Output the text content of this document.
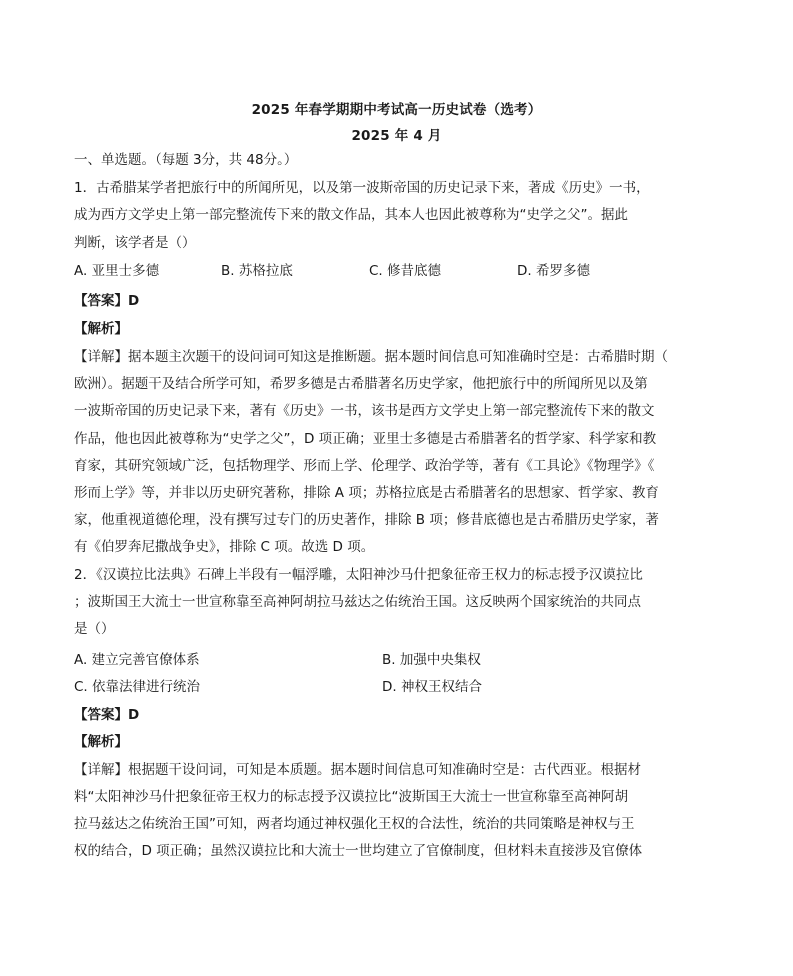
2025 年春学期期中考试高一历史试卷（选考）
2025 年 4 月
一、单选题。（每题 3分，共 48分。）
1．古希腊某学者把旅行中的所闻所见，以及第一波斯帝国的历史记录下来，著成《历史》一书，
成为西方文学史上第一部完整流传下来的散文作品，其本人也因此被尊称为“史学之父”。据此
判断，该学者是（）
A. 亚里士多德	B. 苏格拉底	C. 修昔底德	D. 希罗多德
【答案】D
【解析】
【详解】据本题主次题干的设问词可知这是推断题。据本题时间信息可知准确时空是：古希腊时期（
欧洲）。据题干及结合所学可知，希罗多德是古希腊著名历史学家，他把旅行中的所闻所见以及第
一波斯帝国的历史记录下来，著有《历史》一书，该书是西方文学史上第一部完整流传下来的散文
作品，他也因此被尊称为“史学之父”，D 项正确；亚里士多德是古希腊著名的哲学家、科学家和教
育家，其研究领域广泛，包括物理学、形而上学、伦理学、政治学等，著有《工具论》《物理学》《
形而上学》等，并非以历史研究著称，排除 A 项；苏格拉底是古希腊著名的思想家、哲学家、教育
家，他重视道德伦理，没有撰写过专门的历史著作，排除 B 项；修昔底德也是古希腊历史学家，著
有《伯罗奔尼撒战争史》，排除 C 项。故选 D 项。
2．《汉谟拉比法典》石碑上半段有一幅浮雕，太阳神沙马什把象征帝王权力的标志授予汉谟拉比
；波斯国王大流士一世宣称靠至高神阿胡拉马兹达之佑统治王国。这反映两个国家统治的共同点
是（）
A. 建立完善官僚体系	B. 加强中央集权
C. 依靠法律进行统治	D. 神权王权结合
【答案】D
【解析】
【详解】根据题干设问词，可知是本质题。据本题时间信息可知准确时空是：古代西亚。根据材
料“太阳神沙马什把象征帝王权力的标志授予汉谟拉比“波斯国王大流士一世宣称靠至高神阿胡
拉马兹达之佑统治王国”可知，两者均通过神权强化王权的合法性，统治的共同策略是神权与王
权的结合，D 项正确；虽然汉谟拉比和大流士一世均建立了官僚制度，但材料未直接涉及官僚体
